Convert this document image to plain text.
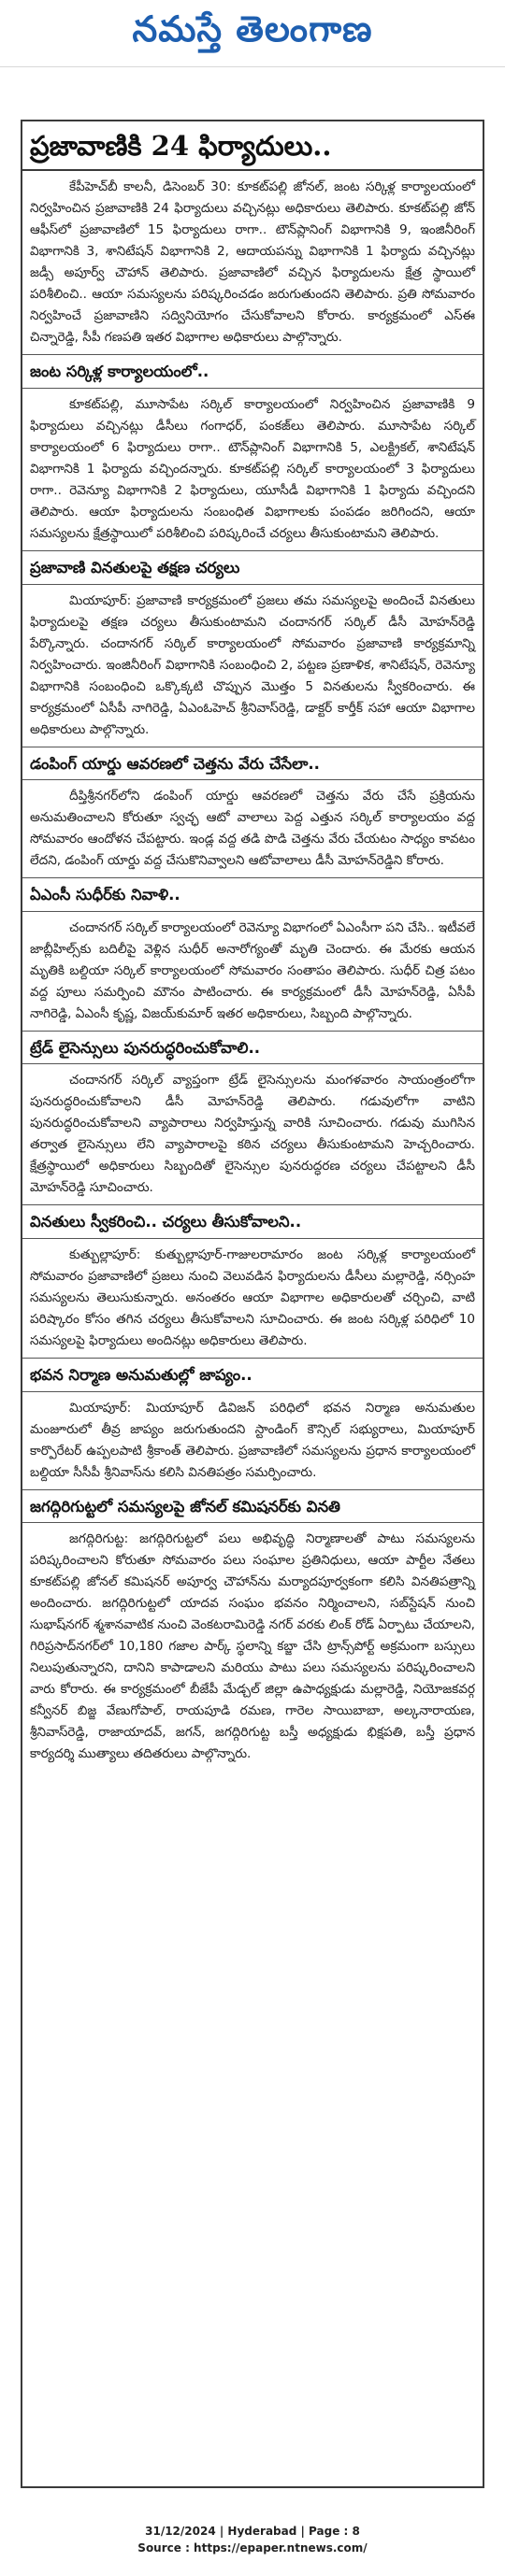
నమస్తే తెలంగాణ
ప్రజావాణికి 24 ఫిర్యాదులు..
కేపీహెచ్‌బీ కాలనీ, డిసెంబర్ 30: కూకట్‌పల్లి జోనల్, జంట సర్కిళ్ల కార్యాలయంలో నిర్వహించిన ప్రజావాణికి 24 ఫిర్యాదులు వచ్చినట్లు అధికారులు తెలిపారు. కూకట్‌పల్లి జోన్ ఆఫీస్‌లో ప్రజావాణిలో 15 ఫిర్యాదులు రాగా.. టౌన్‌ప్లానింగ్ విభాగానికి 9, ఇంజినీరింగ్ విభాగానికి 3, శానిటేషన్ విభాగానికి 2, ఆదాయపన్ను విభాగానికి 1 ఫిర్యాదు వచ్చినట్లు జడ్సీ అపూర్వ్ చౌహాన్ తెలిపారు. ప్రజావాణిలో వచ్చిన ఫిర్యాదులను క్షేత్ర స్థాయిలో పరిశీలించి.. ఆయా సమస్యలను పరిష్కరించడం జరుగుతుందని తెలిపారు. ప్రతి సోమవారం నిర్వహించే ప్రజావాణిని సద్వినియోగం చేసుకోవాలని కోరారు. కార్యక్రమంలో ఎస్‌ఈ చిన్నారెడ్డి, సీపీ గణపతి ఇతర విభాగాల అధికారులు పాల్గొన్నారు.
జంట సర్కిళ్ల కార్యాలయంలో..
కూకట్‌పల్లి, మూసాపేట సర్కిల్ కార్యాలయంలో నిర్వహించిన ప్రజావాణికి 9 ఫిర్యాదులు వచ్చినట్లు డీసీలు గంగాధర్, పంకజ్‌లు తెలిపారు. మూసాపేట సర్కిల్ కార్యాలయంలో 6 ఫిర్యాదులు రాగా.. టౌన్‌ప్లానింగ్ విభాగానికి 5, ఎలక్ట్రికల్, శానిటేషన్ విభాగానికి 1 ఫిర్యాదు వచ్చిందన్నారు. కూకట్‌పల్లి సర్కిల్ కార్యాలయంలో 3 ఫిర్యాదులు రాగా.. రెవెన్యూ విభాగానికి 2 ఫిర్యాదులు, యూసీడీ విభాగానికి 1 ఫిర్యాదు వచ్చిందని తెలిపారు. ఆయా ఫిర్యాదులను సంబంధిత విభాగాలకు పంపడం జరిగిందని, ఆయా సమస్యలను క్షేత్రస్థాయిలో పరిశీలించి పరిష్కరించే చర్యలు తీసుకుంటామని తెలిపారు.
ప్రజావాణి వినతులపై తక్షణ చర్యలు
మియాపూర్: ప్రజావాణి కార్యక్రమంలో ప్రజలు తమ సమస్యలపై అందించే వినతులు ఫిర్యాదులపై తక్షణ చర్యలు తీసుకుంటామని చందానగర్ సర్కిల్ డీసీ మోహన్‌రెడ్డి పేర్కొన్నారు. చందానగర్ సర్కిల్ కార్యాలయంలో సోమవారం ప్రజావాణి కార్యక్రమాన్ని నిర్వహించారు. ఇంజినీరింగ్ విభాగానికి సంబంధించి 2, పట్టణ ప్రణాళిక, శానిటేషన్, రెవెన్యూ విభాగానికి సంబంధించి ఒక్కొక్కటి చొప్పున మొత్తం 5 వినతులను స్వీకరించారు. ఈ కార్యక్రమంలో ఏసీపీ నాగిరెడ్డి, ఏఎంఓహెచ్ శ్రీనివాస్‌రెడ్డి, డాక్టర్ కార్తీక్ సహా ఆయా విభాగాల అధికారులు పాల్గొన్నారు.
డంపింగ్ యార్డు ఆవరణలో చెత్తను వేరు చేసేలా..
దీప్తిశ్రీనగర్‌లోని డంపింగ్ యార్డు ఆవరణలో చెత్తను వేరు చేసే ప్రక్రియను అనుమతించాలని కోరుతూ స్వచ్ఛ ఆటో వాలాలు పెద్ద ఎత్తున సర్కిల్ కార్యాలయం వద్ద సోమవారం ఆందోళన చేపట్టారు. ఇండ్ల వద్ద తడి పొడి చెత్తను వేరు చేయటం సాధ్యం కావటం లేదని, డంపింగ్ యార్డు వద్ద చేసుకొనివ్వాలని ఆటోవాలాలు డీసీ మోహన్‌రెడ్డిని కోరారు.
ఏఎంసీ సుధీర్‌కు నివాళి..
చందానగర్ సర్కిల్ కార్యాలయంలో రెవెన్యూ విభాగంలో ఏఎంసీగా పని చేసి.. ఇటీవలే జాబ్లీహిల్స్‌కు బదిలీపై వెళ్లిన సుధీర్ అనారోగ్యంతో మృతి చెందారు. ఈ మేరకు ఆయన మృతికి బల్దియా సర్కిల్ కార్యాలయంలో సోమవారం సంతాపం తెలిపారు. సుధీర్ చిత్ర పటం వద్ద పూలు సమర్పించి మౌనం పాటించారు. ఈ కార్యక్రమంలో డీసీ మోహన్‌రెడ్డి, ఏసీపీ నాగిరెడ్డి, ఏఎంసీ కృష్ణ, విజయ్‌కుమార్ ఇతర అధికారులు, సిబ్బంది పాల్గొన్నారు.
ట్రేడ్ లైసెన్సులు పునరుద్ధరించుకోవాలి..
చందానగర్ సర్కిల్ వ్యాప్తంగా ట్రేడ్ లైసెన్సులను మంగళవారం సాయంత్రంలోగా పునరుద్ధరించుకోవాలని డీసీ మోహన్‌రెడ్డి తెలిపారు. గడువులోగా వాటిని పునరుద్ధరించుకోవాలని వ్యాపారాలు నిర్వహిస్తున్న వారికి సూచించారు. గడువు ముగిసిన తర్వాత లైసెన్సులు లేని వ్యాపారాలపై కఠిన చర్యలు తీసుకుంటామని హెచ్చరించారు. క్షేత్రస్థాయిలో అధికారులు సిబ్బందితో లైసెన్సుల పునరుద్ధరణ చర్యలు చేపట్టాలని డీసీ మోహన్‌రెడ్డి సూచించారు.
వినతులు స్వీకరించి.. చర్యలు తీసుకోవాలని..
కుత్బుల్లాపూర్: కుత్బుల్లాపూర్-గాజులరామారం జంట సర్కిళ్ల కార్యాలయంలో సోమవారం ప్రజావాణిలో ప్రజలు నుంచి వెలువడిన ఫిర్యాదులను డీసీలు మల్లారెడ్డి, నర్సింహ సమస్యలను తెలుసుకున్నారు. అనంతరం ఆయా విభాగాల అధికారులతో చర్చించి, వాటి పరిష్కారం కోసం తగిన చర్యలు తీసుకోవాలని సూచించారు. ఈ జంట సర్కిళ్ల పరిధిలో 10 సమస్యలపై ఫిర్యాదులు అందినట్లు అధికారులు తెలిపారు.
భవన నిర్మాణ అనుమతుల్లో జాప్యం..
మియాపూర్: మియాపూర్ డివిజన్ పరిధిలో భవన నిర్మాణ అనుమతుల మంజూరులో తీవ్ర జాప్యం జరుగుతుందని స్టాండింగ్ కౌన్సిల్ సభ్యురాలు, మియాపూర్ కార్పొరేటర్ ఉప్పలపాటి శ్రీకాంత్ తెలిపారు. ప్రజావాణిలో సమస్యలను ప్రధాన కార్యాలయంలో బల్దియా సీసీపీ శ్రీనివాస్‌ను కలిసి వినతిపత్రం సమర్పించారు.
జగద్గిరిగుట్టలో సమస్యలపై జోనల్ కమిషనర్‌కు వినతి
జగద్గిరిగుట్ట: జగద్గిరిగుట్టలో పలు అభివృద్ధి నిర్మాణాలతో పాటు సమస్యలను పరిష్కరించాలని కోరుతూ సోమవారం పలు సంఘాల ప్రతినిధులు, ఆయా పార్టీల నేతలు కూకట్‌పల్లి జోనల్ కమిషనర్ అపూర్వ చౌహాన్‌ను మర్యాదపూర్వకంగా కలిసి వినతిపత్రాన్ని అందించారు. జగద్గిరిగుట్టలో యాదవ సంఘం భవనం నిర్మించాలని, సబ్‌స్టేషన్ నుంచి సుభాష్‌నగర్ శ్మశానవాటిక నుంచి వెంకటరామిరెడ్డి నగర్ వరకు లింక్ రోడ్ ఏర్పాటు చేయాలని, గిరిప్రసాద్‌నగర్‌లో 10,180 గజాల పార్క్ స్థలాన్ని కబ్జా చేసి ట్రాన్స్‌పోర్ట్ అక్రమంగా బస్సులు నిలుపుతున్నారని, దానిని కాపాడాలని మరియు పాటు పలు సమస్యలను పరిష్కరించాలని వారు కోరారు. ఈ కార్యక్రమంలో బీజేపీ మేడ్చల్ జిల్లా ఉపాధ్యక్షుడు మల్లారెడ్డి, నియోజకవర్గ కన్వీనర్ బిజ్జ వేణుగోపాల్, రాయపూడి రమణ, గారెల సాయిబాబా, అల్కనారాయణ, శ్రీనివాస్‌రెడ్డి, రాజాయాదవ్, జగన్, జగద్గిరిగుట్ట బస్తీ అధ్యక్షుడు భిక్షపతి, బస్తీ ప్రధాన కార్యదర్శి ముత్యాలు తదితరులు పాల్గొన్నారు.
31/12/2024 | Hyderabad | Page : 8
Source : https://epaper.ntnews.com/
